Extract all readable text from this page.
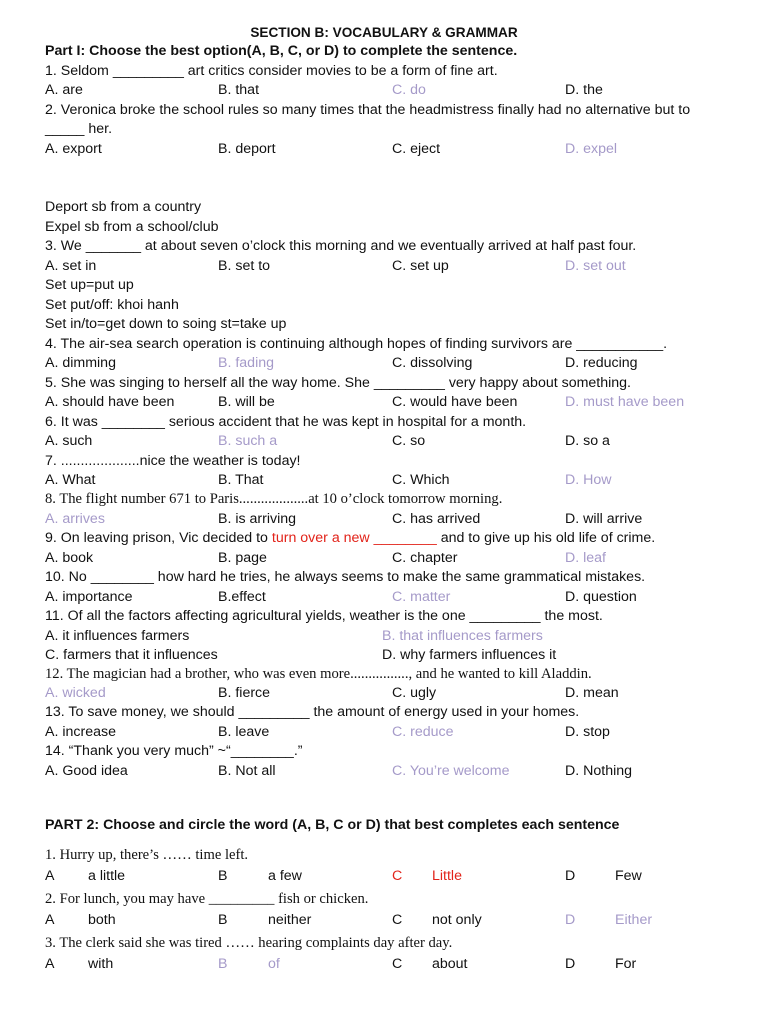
SECTION B: VOCABULARY & GRAMMAR
Part I: Choose the best option(A, B, C, or D) to complete the sentence.
1. Seldom _________ art critics consider movies to be a form of fine art.
A. are	B. that	C. do	D. the
2. Veronica broke the school rules so many times that the headmistress finally had no alternative but to
_____ her.
A. export	B. deport	C. eject	D. expel
Deport sb from a country
Expel sb from a school/club
3. We _______ at about seven o’clock this morning and we eventually arrived at half past four.
A. set in	B. set to	C. set up	D. set out
Set up=put up
Set put/off: khoi hanh
Set in/to=get down to soing st=take up
4. The air-sea search operation is continuing although hopes of finding survivors are ___________.
A. dimming	B. fading	C. dissolving	D. reducing
5. She was singing to herself all the way home. She _________ very happy about something.
A. should have been	B. will be	C. would have been	D. must have been
6. It was ________ serious accident that he was kept in hospital for a month.
A. such	B. such a	C. so	D. so a
7. ....................nice the weather is today!
A. What	B. That	C. Which	D. How
8. The flight number 671 to Paris...................at 10 o’clock tomorrow morning.
A. arrives	B. is arriving	C. has arrived	D. will arrive
9. On leaving prison, Vic decided to turn over a new ________ and to give up his old life of crime.
A. book	B. page	C. chapter	D. leaf
10. No ________ how hard he tries, he always seems to make the same grammatical mistakes.
A. importance	B.effect	C. matter	D. question
11. Of all the factors affecting agricultural yields, weather is the one _________ the most.
A. it influences farmers	B. that influences farmers
C. farmers that it influences	D. why farmers influences it
12. The magician had a brother, who was even more................, and he wanted to kill Aladdin.
A. wicked	B. fierce	C. ugly	D. mean
13. To save money, we should _________ the amount of energy used in your homes.
A. increase	B. leave	C. reduce	D. stop
14. “Thank you very much” ~“________.”
A. Good idea	B. Not all	C. You’re welcome	D. Nothing
PART 2: Choose and circle the word (A, B, C or D) that best completes each sentence
1. Hurry up, there’s …… time left.
A a little	B	a few	C Little	D	Few
2. For lunch, you may have _________ fish or chicken.
A both	B	neither	C not only	D	Either
3. The clerk said she was tired …… hearing complaints day after day.
A with	B	of	C about	D	For
